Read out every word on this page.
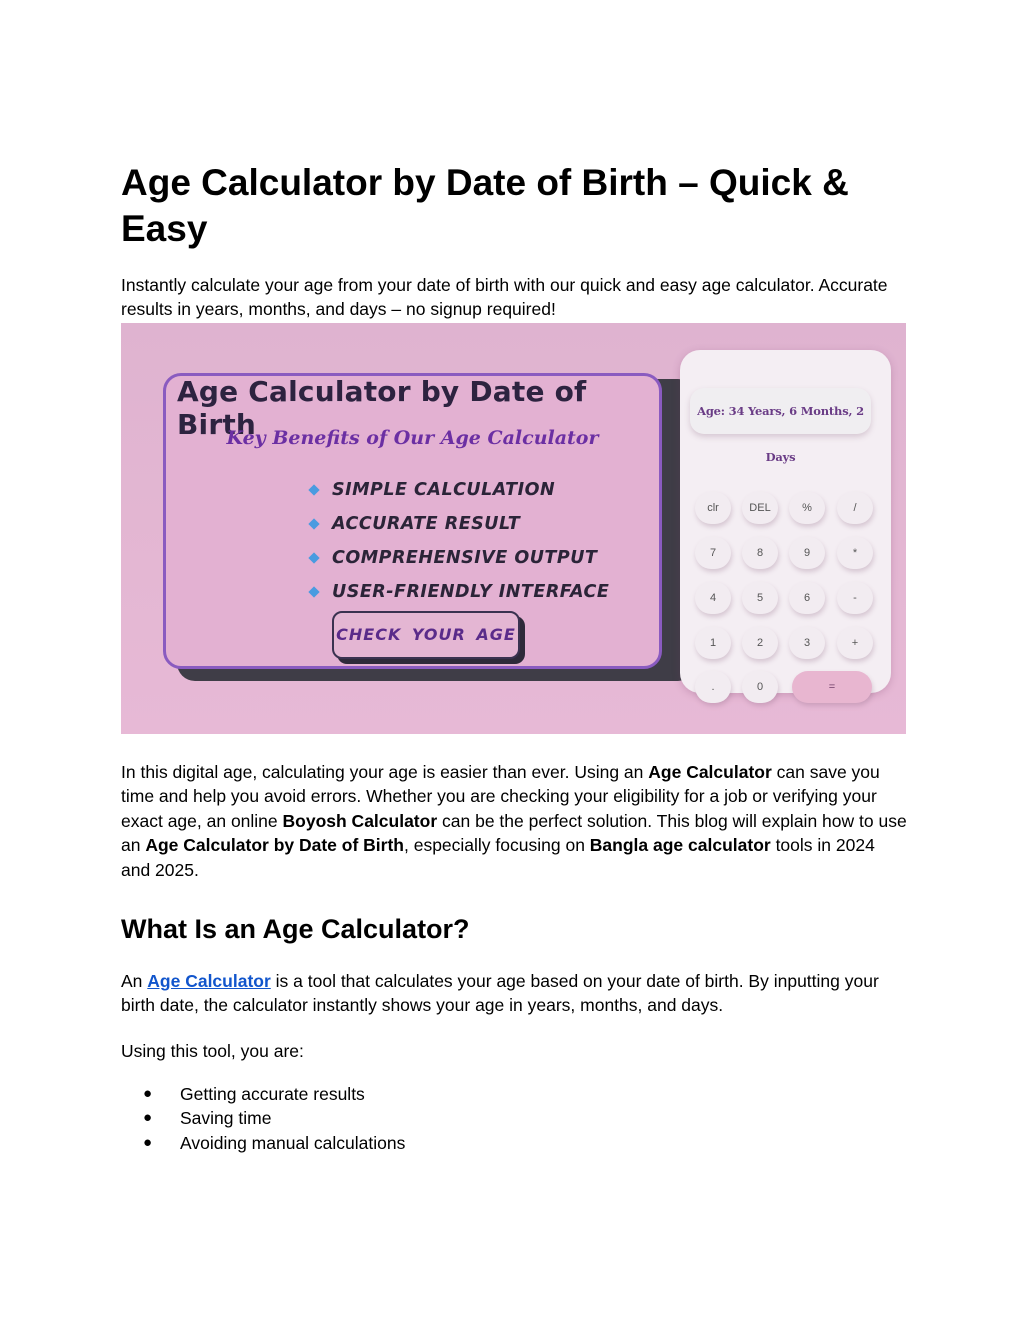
Age Calculator by Date of Birth – Quick & Easy

Instantly calculate your age from your date of birth with our quick and easy age calculator. Accurate results in years, months, and days – no signup required!

Age Calculator by Date of Birth
Key Benefits of Our Age Calculator
SIMPLE CALCULATION
ACCURATE RESULT
COMPREHENSIVE OUTPUT
USER-FRIENDLY INTERFACE
CHECK YOUR AGE
Age: 34 Years, 6 Months, 2 Days
clr	DEL	%	/
7	8	9	*
4	5	6	-
1	2	3	+
.	0	=

In this digital age, calculating your age is easier than ever. Using an Age Calculator can save you time and help you avoid errors. Whether you are checking your eligibility for a job or verifying your exact age, an online Boyosh Calculator can be the perfect solution. This blog will explain how to use an Age Calculator by Date of Birth, especially focusing on Bangla age calculator tools in 2024 and 2025.

What Is an Age Calculator?

An Age Calculator is a tool that calculates your age based on your date of birth. By inputting your birth date, the calculator instantly shows your age in years, months, and days.

Using this tool, you are:

● Getting accurate results
● Saving time
● Avoiding manual calculations
